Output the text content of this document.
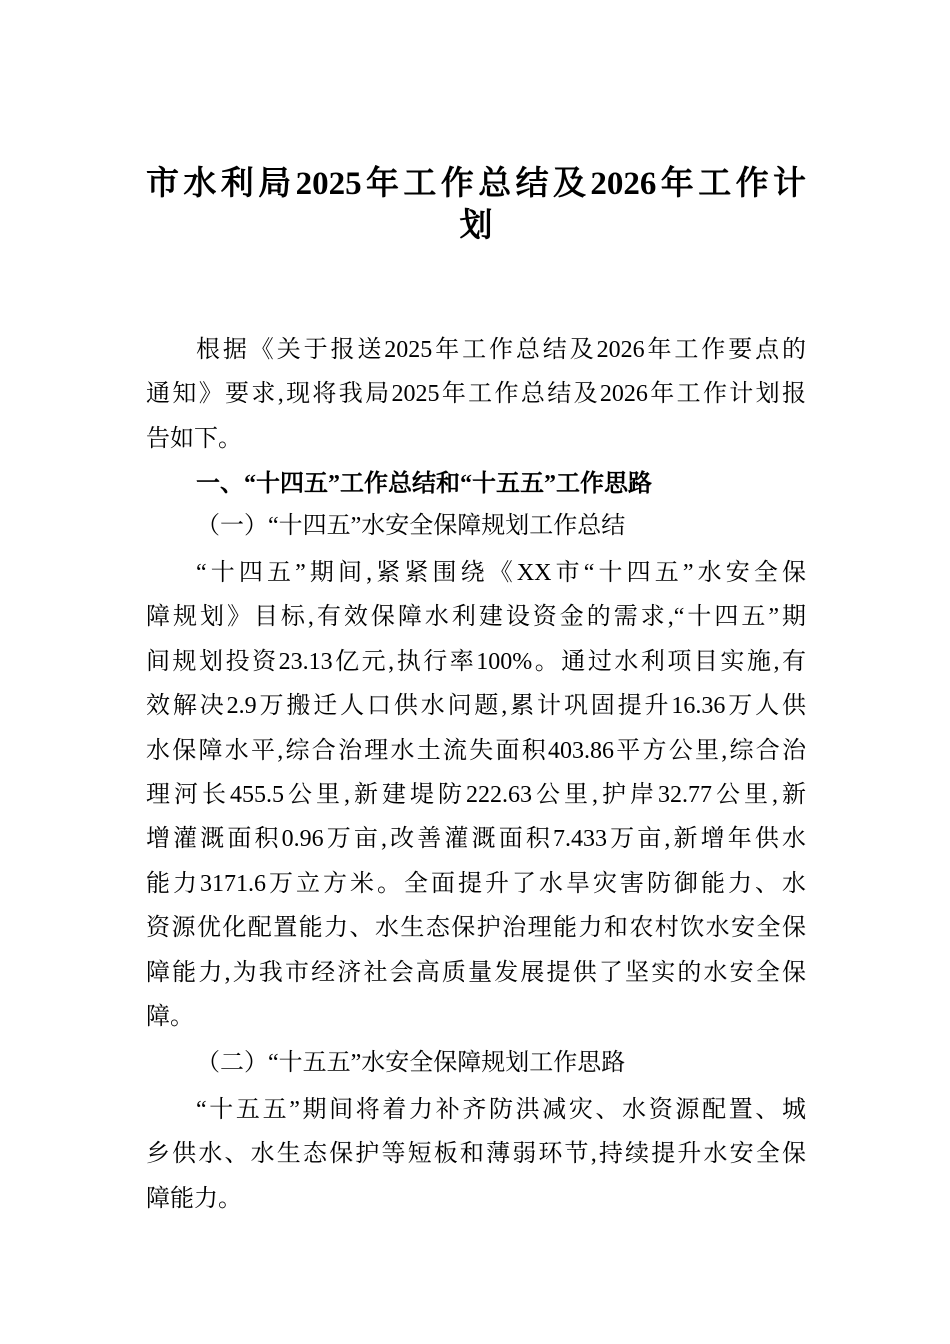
市水利局2025年工作总结及2026年工作计
划
根据《关于报送2025年工作总结及2026年工作要点的
通知》要求,现将我局2025年工作总结及2026年工作计划报
告如下。
一、“十四五”工作总结和“十五五”工作思路
（一）“十四五”水安全保障规划工作总结
“十四五”期间,紧紧围绕《XX市“十四五”水安全保
障规划》目标,有效保障水利建设资金的需求,“十四五”期
间规划投资23.13亿元,执行率100%。通过水利项目实施,有
效解决2.9万搬迁人口供水问题,累计巩固提升16.36万人供
水保障水平,综合治理水土流失面积403.86平方公里,综合治
理河长455.5公里,新建堤防222.63公里,护岸32.77公里,新
增灌溉面积0.96万亩,改善灌溉面积7.433万亩,新增年供水
能力3171.6万立方米。全面提升了水旱灾害防御能力、水
资源优化配置能力、水生态保护治理能力和农村饮水安全保
障能力,为我市经济社会高质量发展提供了坚实的水安全保
障。
（二）“十五五”水安全保障规划工作思路
“十五五”期间将着力补齐防洪减灾、水资源配置、城
乡供水、水生态保护等短板和薄弱环节,持续提升水安全保
障能力。
